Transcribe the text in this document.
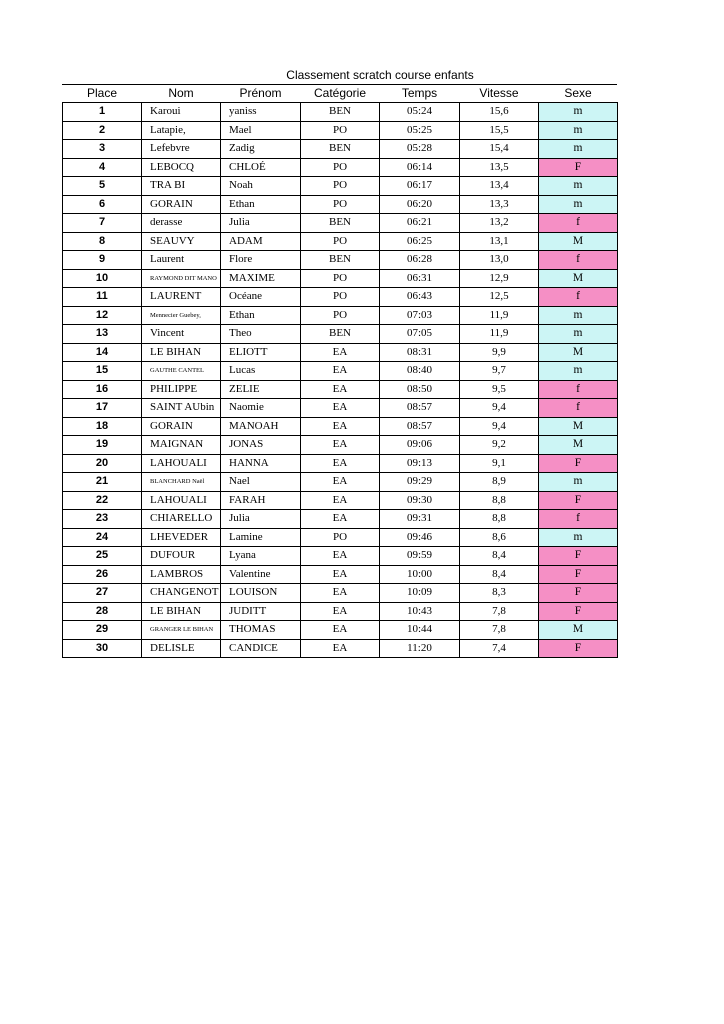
Classement scratch course enfants
Place	Nom	Prénom	Catégorie	Temps	Vitesse	Sexe
1	Karoui	yaniss	BEN	05:24	15,6	m
2	Latapie,	Mael	PO	05:25	15,5	m
3	Lefebvre	Zadig	BEN	05:28	15,4	m
4	LEBOCQ	CHLOÉ	PO	06:14	13,5	F
5	TRA BI	Noah	PO	06:17	13,4	m
6	GORAIN	Ethan	PO	06:20	13,3	m
7	derasse	Julia	BEN	06:21	13,2	f
8	SEAUVY	ADAM	PO	06:25	13,1	M
9	Laurent	Flore	BEN	06:28	13,0	f
10	RAYMOND DIT MANO	MAXIME	PO	06:31	12,9	M
11	LAURENT	Océane	PO	06:43	12,5	f
12	Mennecier Guebey,	Ethan	PO	07:03	11,9	m
13	Vincent	Theo	BEN	07:05	11,9	m
14	LE BIHAN	ELIOTT	EA	08:31	9,9	M
15	GAUTHE CANTEL	Lucas	EA	08:40	9,7	m
16	PHILIPPE	ZELIE	EA	08:50	9,5	f
17	SAINT AUbin	Naomie	EA	08:57	9,4	f
18	GORAIN	MANOAH	EA	08:57	9,4	M
19	MAIGNAN	JONAS	EA	09:06	9,2	M
20	LAHOUALI	HANNA	EA	09:13	9,1	F
21	BLANCHARD Naël	Nael	EA	09:29	8,9	m
22	LAHOUALI	FARAH	EA	09:30	8,8	F
23	CHIARELLO	Julia	EA	09:31	8,8	f
24	LHEVEDER	Lamine	PO	09:46	8,6	m
25	DUFOUR	Lyana	EA	09:59	8,4	F
26	LAMBROS	Valentine	EA	10:00	8,4	F
27	CHANGENOT	LOUISON	EA	10:09	8,3	F
28	LE BIHAN	JUDITT	EA	10:43	7,8	F
29	GRANGER LE BIHAN	THOMAS	EA	10:44	7,8	M
30	DELISLE	CANDICE	EA	11:20	7,4	F
